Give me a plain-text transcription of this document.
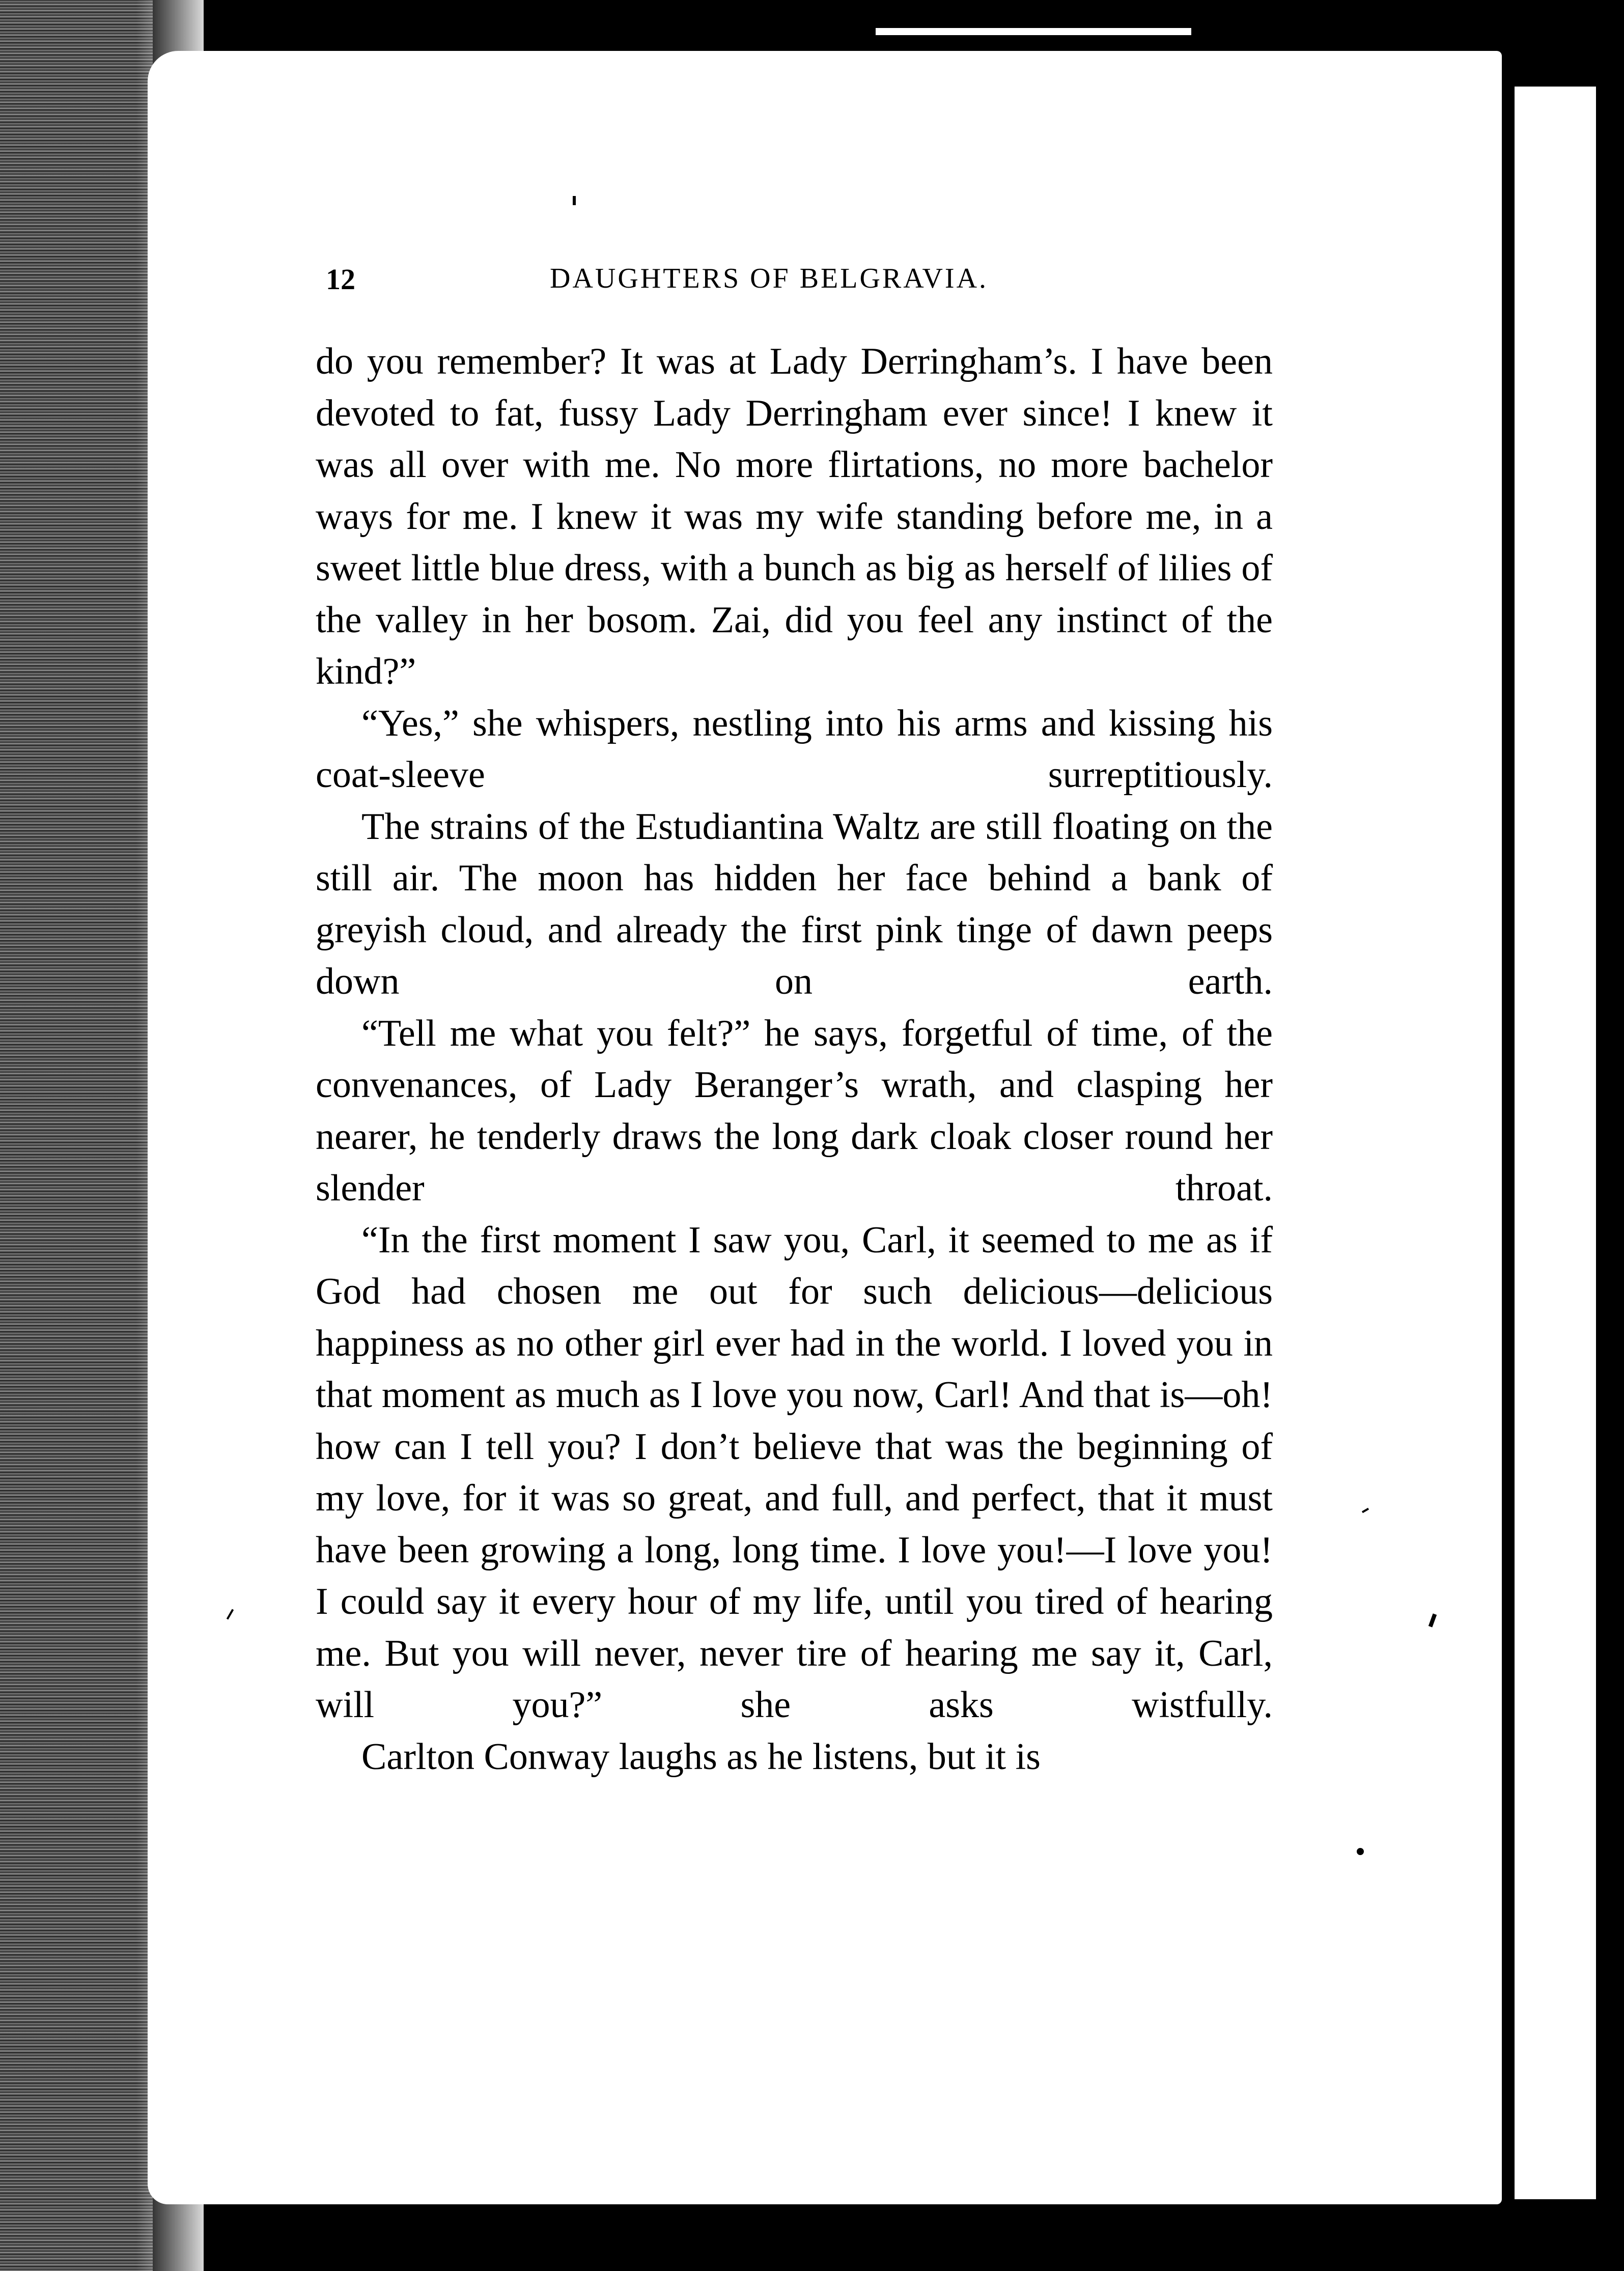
12	DAUGHTERS OF BELGRAVIA.

do you remember? It was at Lady Derringham’s. I have been devoted to fat, fussy Lady Derringham ever since! I knew it was all over with me. No more flirtations, no more bachelor ways for me. I knew it was my wife standing before me, in a sweet little blue dress, with a bunch as big as herself of lilies of the valley in her bosom. Zai, did you feel any instinct of the kind?”

“Yes,” she whispers, nestling into his arms and kissing his coat-sleeve surreptitiously.

The strains of the Estudiantina Waltz are still floating on the still air. The moon has hidden her face behind a bank of greyish cloud, and already the first pink tinge of dawn peeps down on earth.

“Tell me what you felt?” he says, forgetful of time, of the convenances, of Lady Beranger’s wrath, and clasping her nearer, he tenderly draws the long dark cloak closer round her slender throat.

“In the first moment I saw you, Carl, it seemed to me as if God had chosen me out for such delicious—delicious happiness as no other girl ever had in the world. I loved you in that moment as much as I love you now, Carl! And that is—oh! how can I tell you? I don’t believe that was the beginning of my love, for it was so great, and full, and perfect, that it must have been growing a long, long time. I love you!—I love you! I could say it every hour of my life, until you tired of hearing me. But you will never, never tire of hearing me say it, Carl, will you?” she asks wistfully.

Carlton Conway laughs as he listens, but it is
